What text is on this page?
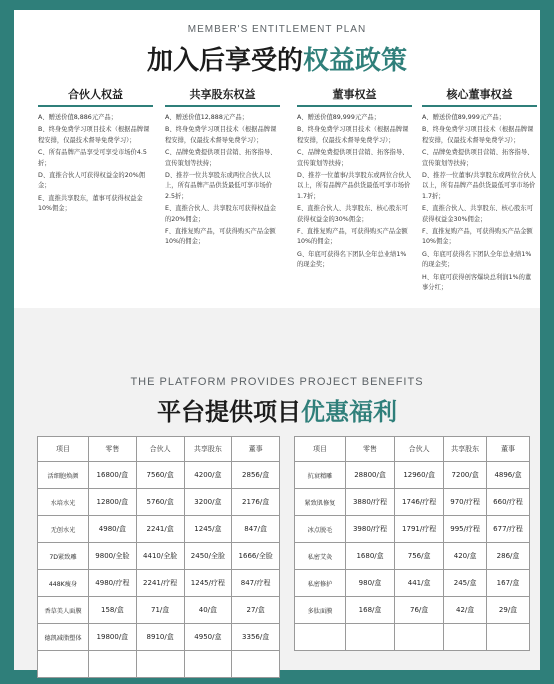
MEMBER'S ENTITLEMENT PLAN
加入后享受的权益政策
合伙人权益
A、赠送价值8,886元产品；
B、终身免费学习项目技术（根据品牌课程安排，仅最技术督导免费学习）；
C、所有品牌产品享受可享受市场价4.5折；
D、直推合伙人可获得权益金的20%佣金；
E、直推共享股东，董事可获得权益金10%佣金；
共享股东权益
A、赠送价值12,888元产品；
B、终身免费学习项目技术（根据品牌课程安排，仅最技术督导免费学习）；
C、品牌免费提供项目营销、拓客指导、宣传策划等扶持；
D、推荐一位共享股东或两位合伙人以上，所有品牌产品供货最低可享市场价2.5折；
E、直推合伙人、共享股东可获得权益金的20%佣金；
F、直推复购产品，可获得购买产品金额10%的佣金；
董事权益
A、赠送价值89,999元产品；
B、终身免费学习项目技术（根据品牌课程安排，仅最技术督导免费学习）；
C、品牌免费提供项目营销、拓客指导、宣传策划等扶持；
D、推荐一位董事/共享股东或两位合伙人以上，所有品牌产品供货最低可享市场价1.7折；
E、直推合伙人、共享股东、核心股东可获得权益金的30%佣金；
F、直推复购产品，可获得购买产品金额10%的佣金；
G、年底可获得名下团队全年总业绩1%的现金奖；
核心董事权益
A、赠送价值89,999元产品；
B、终身免费学习项目技术（根据品牌课程安排，仅最技术督导免费学习）；
C、品牌免费提供项目营销、拓客指导、宣传策划等扶持；
D、推荐一位董事/共享股东或两位合伙人以上，所有品牌产品供货最低可享市场价1.7折；
E、直推合伙人、共享股东、核心股东可获得权益金30%佣金；
F、直推复购产品，可获得购买产品金额10%佣金；
G、年底可获得名下团队全年总业绩1%的现金奖；
H、年底可获得创客爆块总利润1%的董事分红；
THE PLATFORM PROVIDES PROJECT BENEFITS
平台提供项目优惠福利
项目	零售	合伙人	共享股东	董事
活细胞焕颜	16800/盒	7560/盒	4200/盒	2856/盒
水培水光	12800/盒	5760/盒	3200/盒	2176/盒
无创水光	4980/盒	2241/盒	1245/盒	847/盒
7D紧致雕	9800/全脸	4410/全脸	2450/全脸	1666/全脸
448K瘦身	4980/疗程	2241/疗程	1245/疗程	847/疗程
香草美人面膜	158/盒	71/盒	40/盒	27/盒
德凯减脂塑体	19800/盒	8910/盒	4950/盒	3356/盒

项目	零售	合伙人	共享股东	董事
抗衰精雕	28800/盒	12960/盒	7200/盒	4896/盒
紧致肌修复	3880/疗程	1746/疗程	970/疗程	660/疗程
冰点脱毛	3980/疗程	1791/疗程	995/疗程	677/疗程
私密艾灸	1680/盒	756/盒	420/盒	286/盒
私密修护	980/盒	441/盒	245/盒	167/盒
多肽面膜	168/盒	76/盒	42/盒	29/盒
